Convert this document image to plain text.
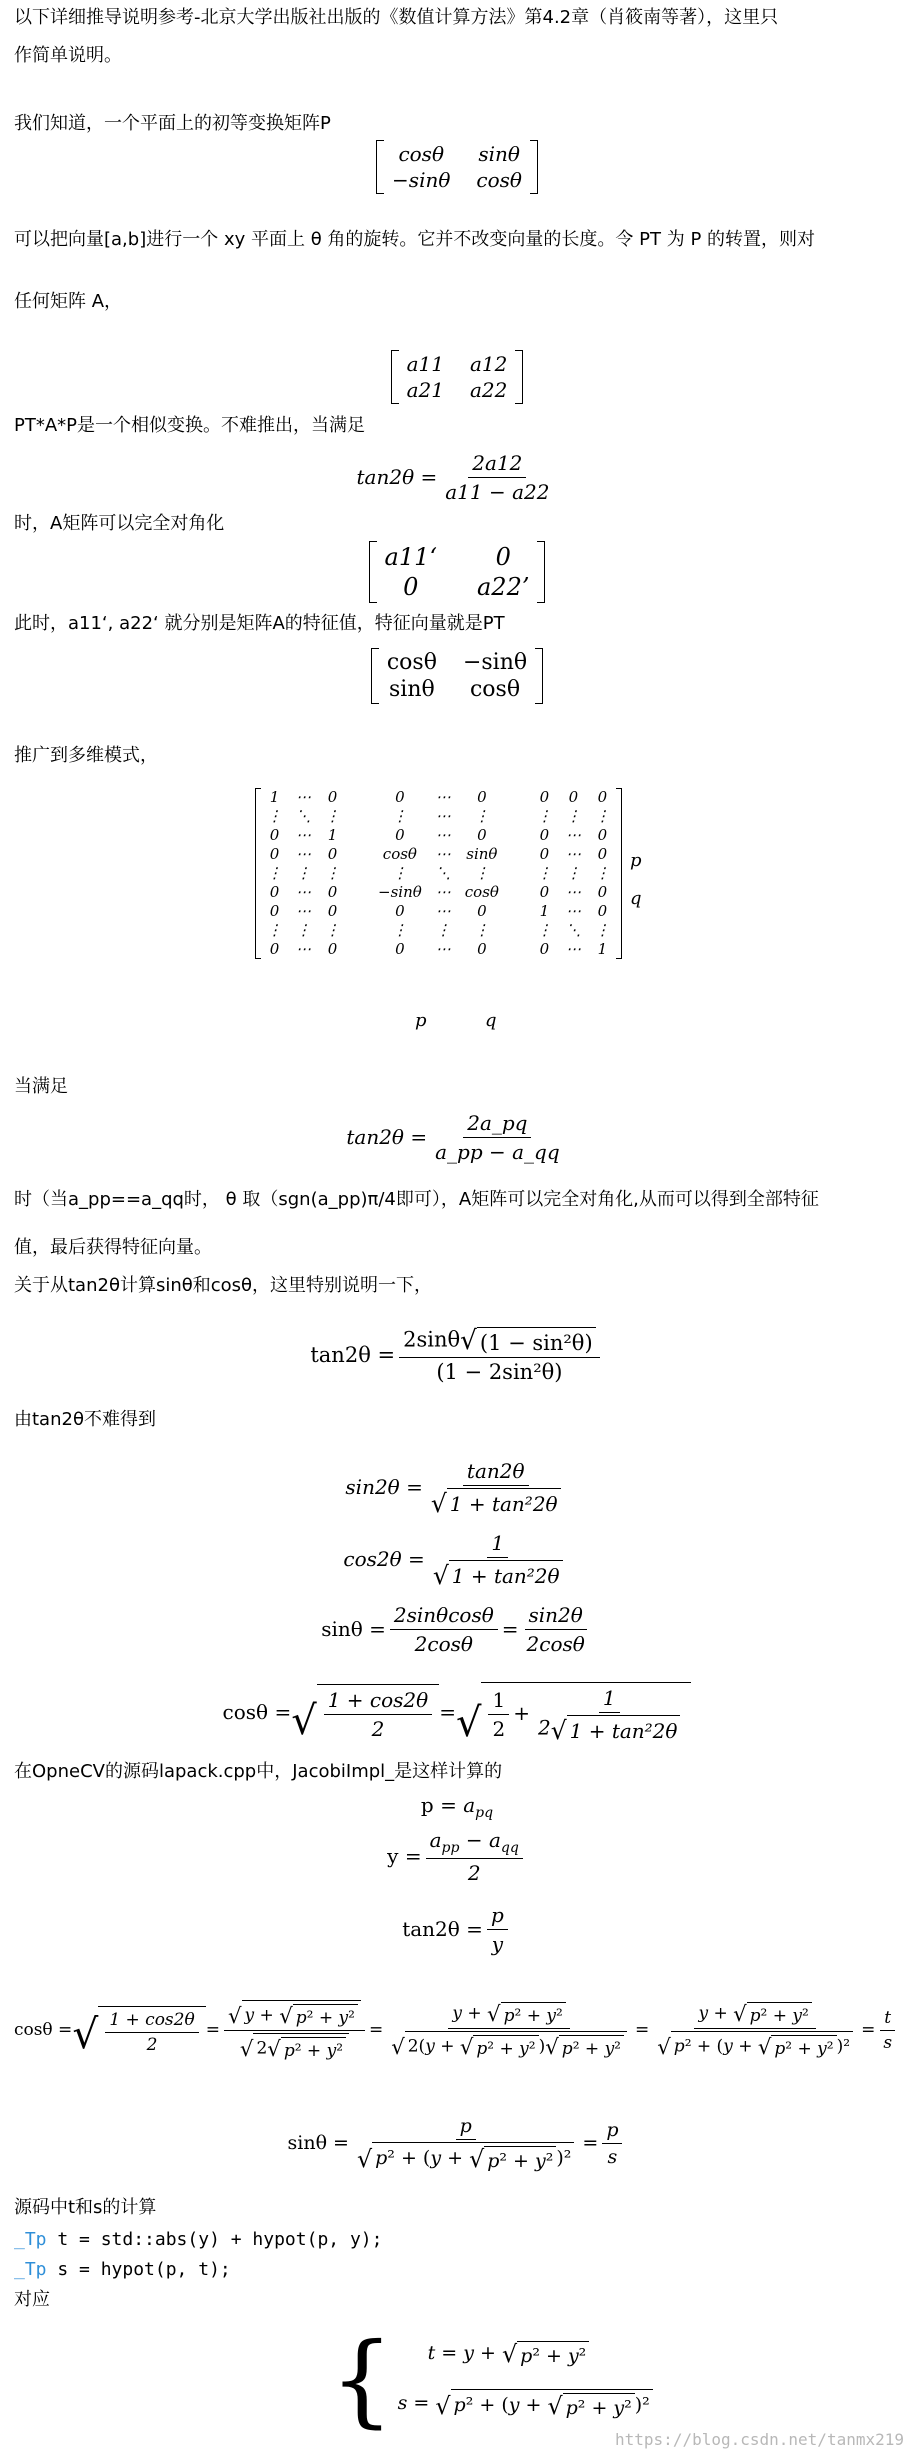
以下详细推导说明参考-北京大学出版社出版的《数值计算方法》第4.2章（肖筱南等著），这里只
作简单说明。
我们知道，一个平面上的初等变换矩阵P
cosθ	sinθ
−sinθ cosθ
可以把向量[a,b]进行一个 xy 平面上 θ 角的旋转。它并不改变向量的长度。令 PT 为 P 的转置，则对
任何矩阵 A，
a11 a12
a21 a22
PT*A*P是一个相似变换。不难推出，当满足
$\tan 2\theta = \frac{2a12}{a11 - a22}$
时，A矩阵可以完全对角化
a11‘	0
0	a22’
此时，a11‘, a22‘ 就分别是矩阵A的特征值，特征向量就是PT
cosθ −sinθ
sinθ	cosθ
推广到多维模式，
1 ⋯ 0	0	⋯	0	0 0 0
⋮ ⋱ ⋮	⋮	⋯	⋮	⋮ ⋮ ⋮
0 ⋯ 1	0	⋯	0	0 ⋯ 0
0 ⋯ 0	cosθ	⋯ sinθ	0 ⋯ 0
⋮ ⋮ ⋮	⋮	⋱	⋮	⋮ ⋮ ⋮
0 ⋯ 0	−sinθ ⋯ cosθ	0 ⋯ 0
0 ⋯ 0	0	⋯	0	1 ⋯ 0
⋮ ⋮ ⋮	⋮	⋮	⋮	⋮ ⋱ ⋮
0 ⋯ 0	0	⋯	0	0 ⋯ 1
p
q
p	q
当满足
$\tan 2\theta = \frac{2a\_pq}{a\_pp - a\_qq}$
时（当a_pp==a_qq时， θ 取（sgn(a_pp)π/4即可），A矩阵可以完全对角化,从而可以得到全部特征
值，最后获得特征向量。
关于从tan2θ计算sinθ和cosθ，这里特别说明一下，
$\tan 2\theta = \frac{\text{2sinθ √ (1 − sin²θ)}}{\text{(1 − 2sin²θ)}}$
由tan2θ不难得到
$\sin 2\theta = \frac{\tan 2\theta}{\text{√ 1 + tan²2θ}}$
$\cos 2\theta = \frac{1}{\text{√ 1 + tan²2θ}}$
$\sin\theta = \frac{2\sin\theta\cos\theta}{2\cos\theta} = \frac{\sin 2\theta}{2\cos\theta}$
cosθ = √ $\frac{1 + \cos 2\theta}{2}$ = √ $\frac{1}{2} + \frac{1}{\text{2 √ 1 + tan²2θ}}$
在OpneCV的源码lapack.cpp中，JacobiImpl_是这样计算的
$p = a_{pq}$
$y = \frac{a_{pp} - a_{qq}}{2}$
$\tan 2\theta = \frac{p}{y}$
cosθ = √ $\frac{1 + \cos 2\theta}{2} = \frac{\text{√ y + √ p² + y²}}{\text{√ 2 √ p² + y²}} = \frac{\text{y + √ p² + y²}}{\text{√ 2(y + √ p² + y² ) √ p² + y²}} = \frac{\text{y + √ p² + y²}}{\text{√ p² + (y + √ p² + y² )²}} = \frac{t}{s}$
$\sin\theta = \frac{p}{\text{√ p² + (y + √ p² + y² )²}} = \frac{p}{s}$
源码中t和s的计算
_Tp t = std::abs(y) + hypot(p, y);
_Tp s = hypot(p, t);
对应
{	t = y + √ p² + y²
s = √ p² + (y + √ p² + y² )²
https://blog.csdn.net/tanmx219
